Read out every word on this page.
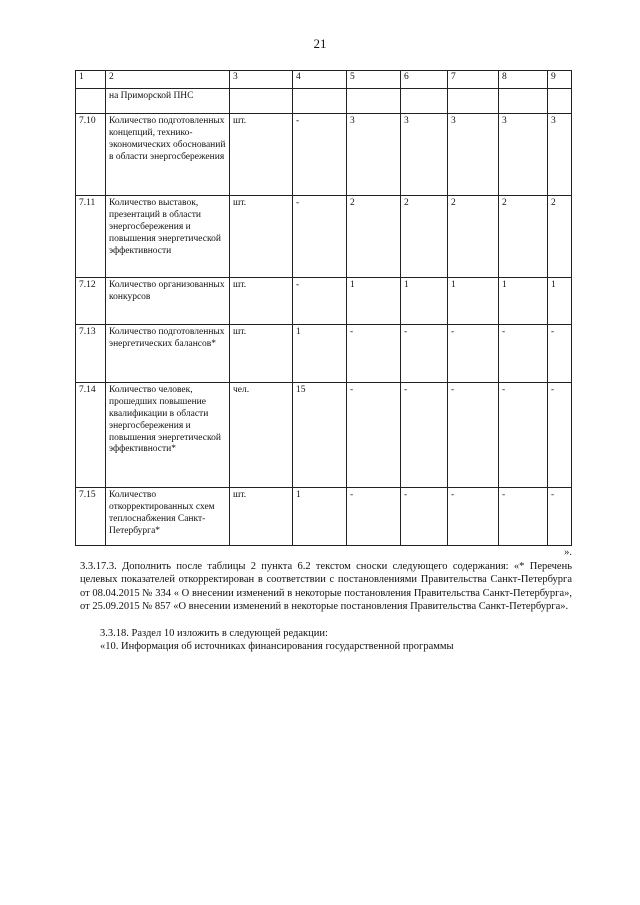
21
1	2	3	4	5	6	7	8	9
	на Приморской ПНС							
7.10	Количество подготовленных концепций, технико-экономических обоснований в области энергосбережения	шт.	-	3	3	3	3	3
7.11	Количество выставок, презентаций в области энергосбережения и повышения энергетической эффективности	шт.	-	2	2	2	2	2
7.12	Количество организованных конкурсов	шт.	-	1	1	1	1	1
7.13	Количество подготовленных энергетических балансов*	шт.	1	-	-	-	-	-
7.14	Количество человек, прошедших повышение квалификации в области энергосбережения и повышения энергетической эффективности*	чел.	15	-	-	-	-	-
7.15	Количество откорректированных схем теплоснабжения Санкт-Петербурга*	шт.	1	-	-	-	-	-
».

3.3.17.3. Дополнить после таблицы 2 пункта 6.2 текстом сноски следующего содержания: «* Перечень целевых показателей откорректирован в соответствии с постановлениями Правительства Санкт-Петербурга от 08.04.2015 № 334 « О внесении изменений в некоторые постановления Правительства Санкт-Петербурга», от 25.09.2015 № 857 «О внесении изменений в некоторые постановления Правительства Санкт-Петербурга».

3.3.18. Раздел 10 изложить в следующей редакции:

«10. Информация об источниках финансирования государственной программы
